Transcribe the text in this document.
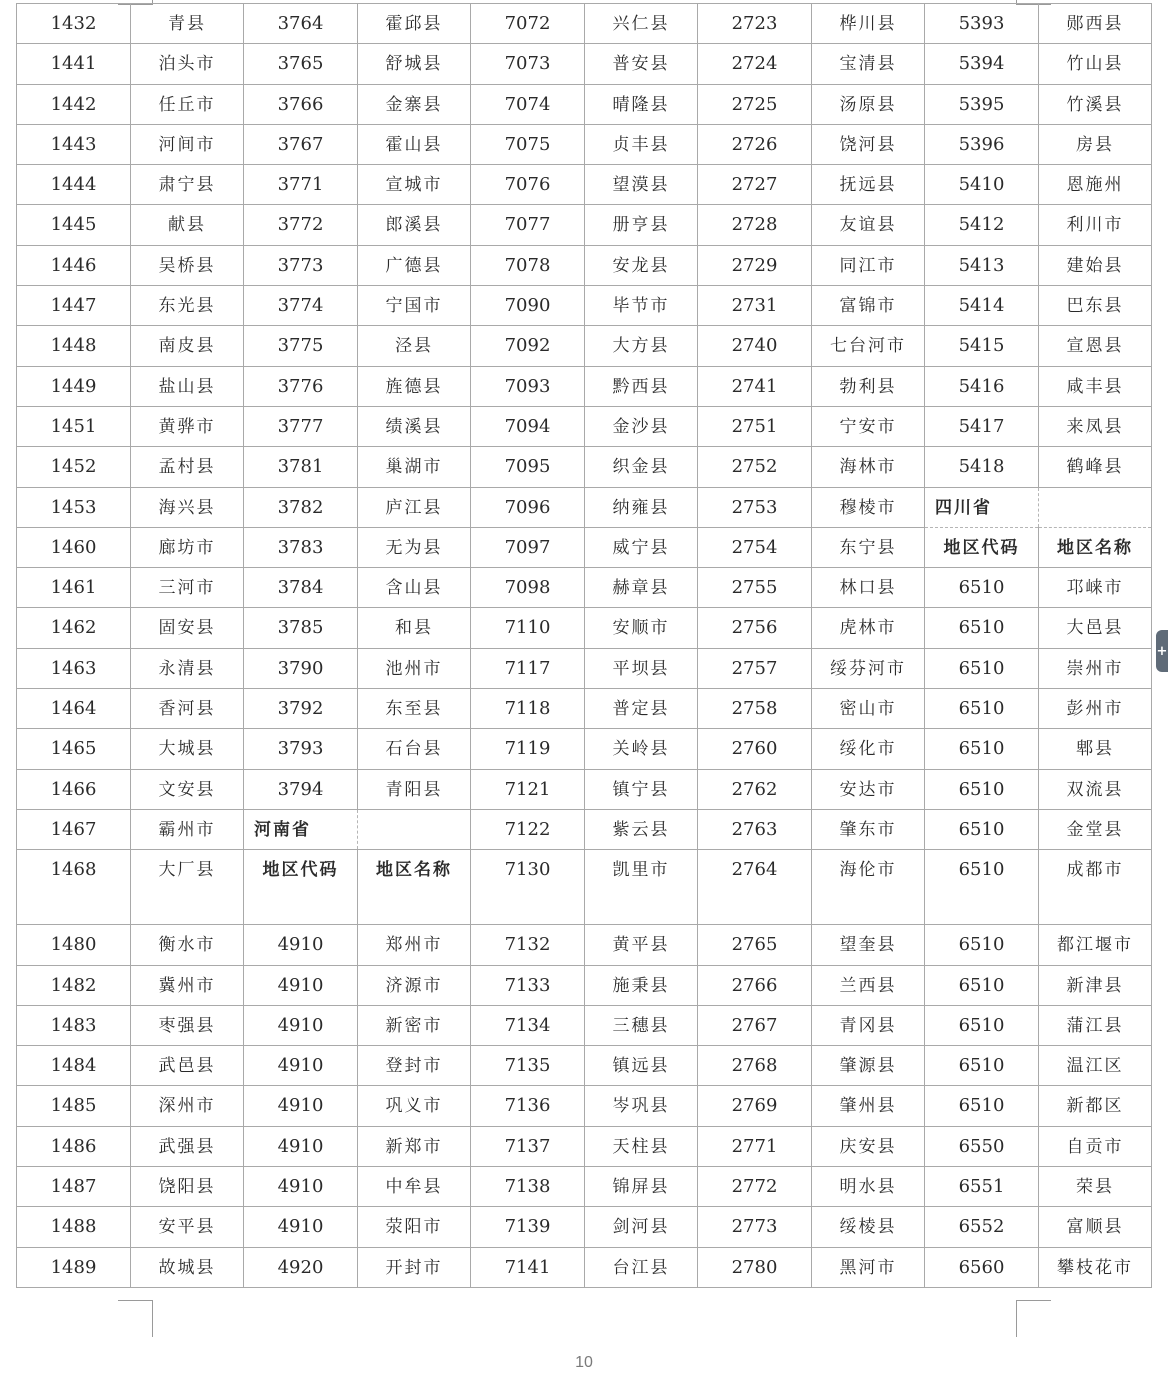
1432	青县	3764	霍邱县	7072	兴仁县	2723	桦川县	5393	郧西县
1441	泊头市	3765	舒城县	7073	普安县	2724	宝清县	5394	竹山县
1442	任丘市	3766	金寨县	7074	晴隆县	2725	汤原县	5395	竹溪县
1443	河间市	3767	霍山县	7075	贞丰县	2726	饶河县	5396	房县
1444	肃宁县	3771	宣城市	7076	望漠县	2727	抚远县	5410	恩施州
1445	献县	3772	郎溪县	7077	册亨县	2728	友谊县	5412	利川市
1446	吴桥县	3773	广德县	7078	安龙县	2729	同江市	5413	建始县
1447	东光县	3774	宁国市	7090	毕节市	2731	富锦市	5414	巴东县
1448	南皮县	3775	泾县	7092	大方县	2740	七台河市	5415	宣恩县
1449	盐山县	3776	旌德县	7093	黔西县	2741	勃利县	5416	咸丰县
1451	黄骅市	3777	绩溪县	7094	金沙县	2751	宁安市	5417	来凤县
1452	孟村县	3781	巢湖市	7095	织金县	2752	海林市	5418	鹤峰县
1453	海兴县	3782	庐江县	7096	纳雍县	2753	穆棱市	四川省	
1460	廊坊市	3783	无为县	7097	威宁县	2754	东宁县	地区代码	地区名称
1461	三河市	3784	含山县	7098	赫章县	2755	林口县	6510	邛崃市
1462	固安县	3785	和县	7110	安顺市	2756	虎林市	6510	大邑县
1463	永清县	3790	池州市	7117	平坝县	2757	绥芬河市	6510	崇州市
1464	香河县	3792	东至县	7118	普定县	2758	密山市	6510	彭州市
1465	大城县	3793	石台县	7119	关岭县	2760	绥化市	6510	郫县
1466	文安县	3794	青阳县	7121	镇宁县	2762	安达市	6510	双流县
1467	霸州市	河南省		7122	紫云县	2763	肇东市	6510	金堂县
1468	大厂县	地区代码	地区名称	7130	凯里市	2764	海伦市	6510	成都市
1480	衡水市	4910	郑州市	7132	黄平县	2765	望奎县	6510	都江堰市
1482	冀州市	4910	济源市	7133	施秉县	2766	兰西县	6510	新津县
1483	枣强县	4910	新密市	7134	三穗县	2767	青冈县	6510	蒲江县
1484	武邑县	4910	登封市	7135	镇远县	2768	肇源县	6510	温江区
1485	深州市	4910	巩义市	7136	岑巩县	2769	肇州县	6510	新都区
1486	武强县	4910	新郑市	7137	天柱县	2771	庆安县	6550	自贡市
1487	饶阳县	4910	中牟县	7138	锦屏县	2772	明水县	6551	荣县
1488	安平县	4910	荥阳市	7139	剑河县	2773	绥棱县	6552	富顺县
1489	故城县	4920	开封市	7141	台江县	2780	黑河市	6560	攀枝花市
+
10
